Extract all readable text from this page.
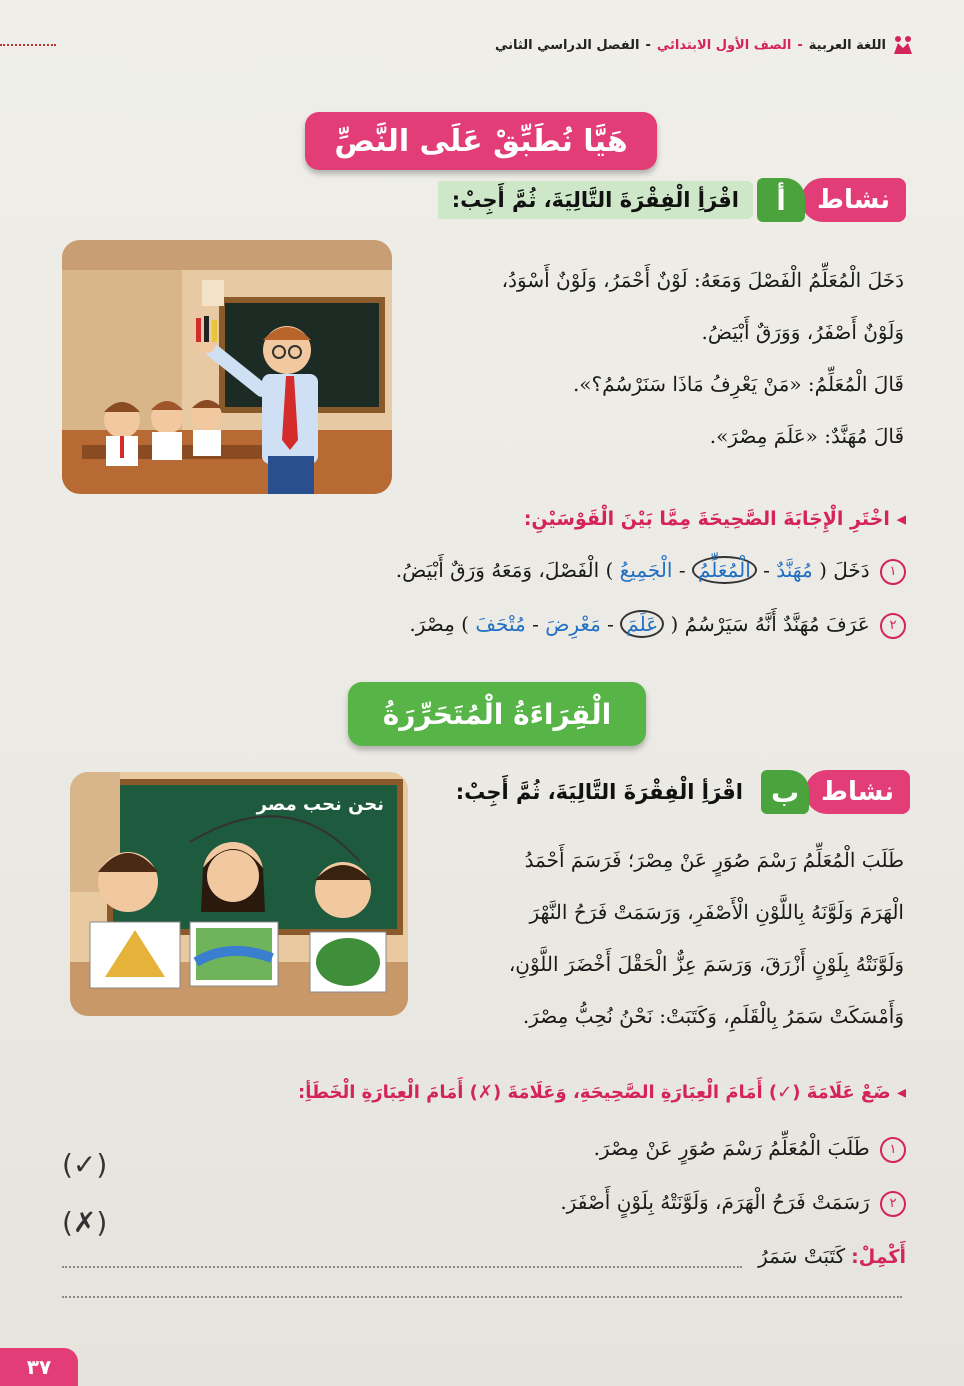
اللغة العربية
-
الصف الأول الابتدائي
-
الفصل الدراسي الثاني
هَيَّا نُطَبِّقْ عَلَى النَّصِّ
نشاط
أ
اقْرَأِ الْفِقْرَةَ التَّالِيَةَ، ثُمَّ أَجِبْ:
دَخَلَ الْمُعَلِّمُ الْفَصْلَ وَمَعَهُ: لَوْنٌ أَحْمَرُ، وَلَوْنٌ أَسْوَدُ،
وَلَوْنٌ أَصْفَرُ، وَوَرَقٌ أَبْيَضُ.
قَالَ الْمُعَلِّمُ: «مَنْ يَعْرِفُ مَاذَا سَنَرْسُمُ؟».
قَالَ مُهَنَّدٌ: «عَلَمَ مِصْرَ».
◂ اخْتَرِ الْإِجَابَةَ الصَّحِيحَةَ مِمَّا بَيْنَ الْقَوْسَيْنِ:
١ دَخَلَ ( مُهَنَّدٌ - الْمُعَلِّمُ - الْجَمِيعُ ) الْفَصْلَ، وَمَعَهُ وَرَقٌ أَبْيَضُ.
٢ عَرَفَ مُهَنَّدٌ أَنَّهُ سَيَرْسُمُ ( عَلَمَ - مَعْرِضَ - مُتْحَفَ ) مِصْرَ.
الْقِرَاءَةُ الْمُتَحَرِّرَةُ
نحن نحب مصر	نشاط
ب
اقْرَأِ الْفِقْرَةَ التَّالِيَةَ، ثُمَّ أَجِبْ:
طَلَبَ الْمُعَلِّمُ رَسْمَ صُوَرٍ عَنْ مِصْرَ؛ فَرَسَمَ أَحْمَدُ
الْهَرَمَ وَلَوَّنَهُ بِاللَّوْنِ الْأَصْفَرِ، وَرَسَمَتْ فَرَحُ النَّهْرَ
وَلَوَّنَتْهُ بِلَوْنٍ أَزْرَقَ، وَرَسَمَ عِزٌّ الْحَقْلَ أَخْضَرَ اللَّوْنِ،
وَأَمْسَكَتْ سَمَرُ بِالْقَلَمِ، وَكَتَبَتْ: نَحْنُ نُحِبُّ مِصْرَ.
◂ ضَعْ عَلَامَةَ (✓) أَمَامَ الْعِبَارَةِ الصَّحِيحَةِ، وَعَلَامَةَ (✗) أَمَامَ الْعِبَارَةِ الْخَطَأِ:
١ طَلَبَ الْمُعَلِّمُ رَسْمَ صُوَرٍ عَنْ مِصْرَ.
(✓)
٢ رَسَمَتْ فَرَحُ الْهَرَمَ، وَلَوَّنَتْهُ بِلَوْنٍ أَصْفَرَ.
(✗)
أَكْمِلْ: كَتَبَتْ سَمَرُ
٣٧
